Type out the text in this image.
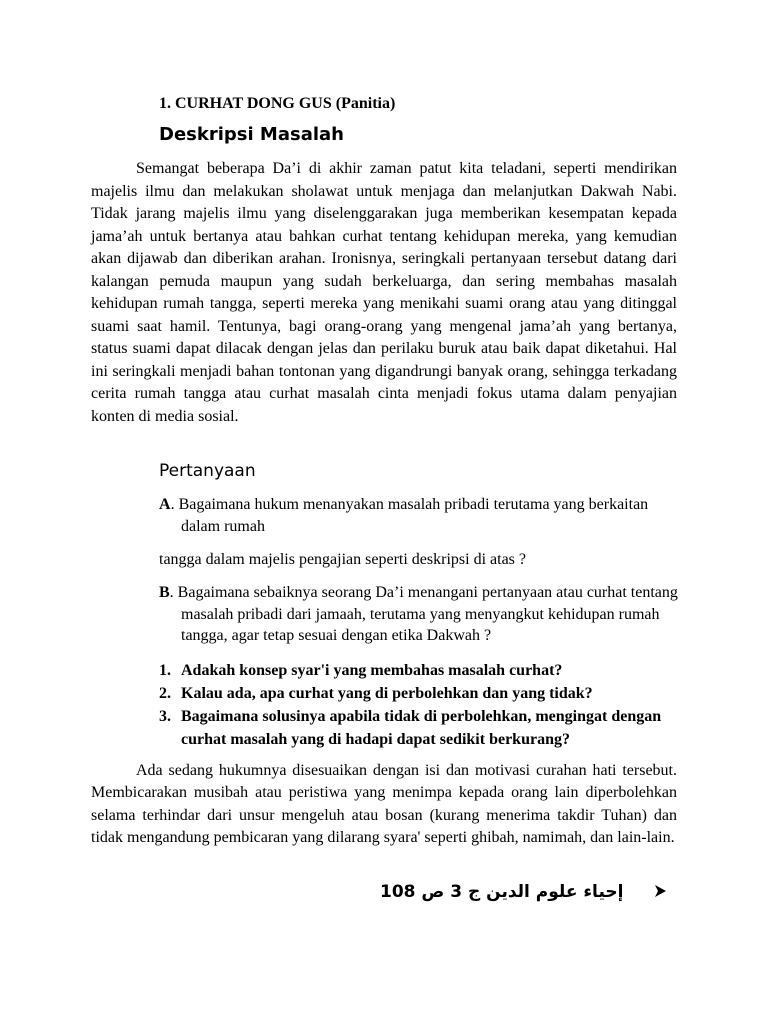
1. CURHAT DONG GUS (Panitia)
Deskripsi Masalah

Semangat beberapa Da’i di akhir zaman patut kita teladani, seperti mendirikan majelis ilmu dan melakukan sholawat untuk menjaga dan melanjutkan Dakwah Nabi. Tidak jarang majelis ilmu yang diselenggarakan juga memberikan kesempatan kepada jama’ah untuk bertanya atau bahkan curhat tentang kehidupan mereka, yang kemudian akan dijawab dan diberikan arahan. Ironisnya, seringkali pertanyaan tersebut datang dari kalangan pemuda maupun yang sudah berkeluarga, dan sering membahas masalah kehidupan rumah tangga, seperti mereka yang menikahi suami orang atau yang ditinggal suami saat hamil. Tentunya, bagi orang-orang yang mengenal jama’ah yang bertanya, status suami dapat dilacak dengan jelas dan perilaku buruk atau baik dapat diketahui. Hal ini seringkali menjadi bahan tontonan yang digandrungi banyak orang, sehingga terkadang cerita rumah tangga atau curhat masalah cinta menjadi fokus utama dalam penyajian konten di media sosial.

Pertanyaan
A. Bagaimana hukum menanyakan masalah pribadi terutama yang berkaitan dalam rumah
tangga dalam majelis pengajian seperti deskripsi di atas ?
B. Bagaimana sebaiknya seorang Da’i menangani pertanyaan atau curhat tentang masalah pribadi dari jamaah, terutama yang menyangkut kehidupan rumah tangga, agar tetap sesuai dengan etika Dakwah ?
1. Adakah konsep syar'i yang membahas masalah curhat?
2. Kalau ada, apa curhat yang di perbolehkan dan yang tidak?
3. Bagaimana solusinya apabila tidak di perbolehkan, mengingat dengan curhat masalah yang di hadapi dapat sedikit berkurang?

Ada sedang hukumnya disesuaikan dengan isi dan motivasi curahan hati tersebut. Membicarakan musibah atau peristiwa yang menimpa kepada orang lain diperbolehkan selama terhindar dari unsur mengeluh atau bosan (kurang menerima takdir Tuhan) dan tidak mengandung pembicaran yang dilarang syara' seperti ghibah, namimah, dan lain-lain.

إحياء علوم الدين ج 3 ص 108
